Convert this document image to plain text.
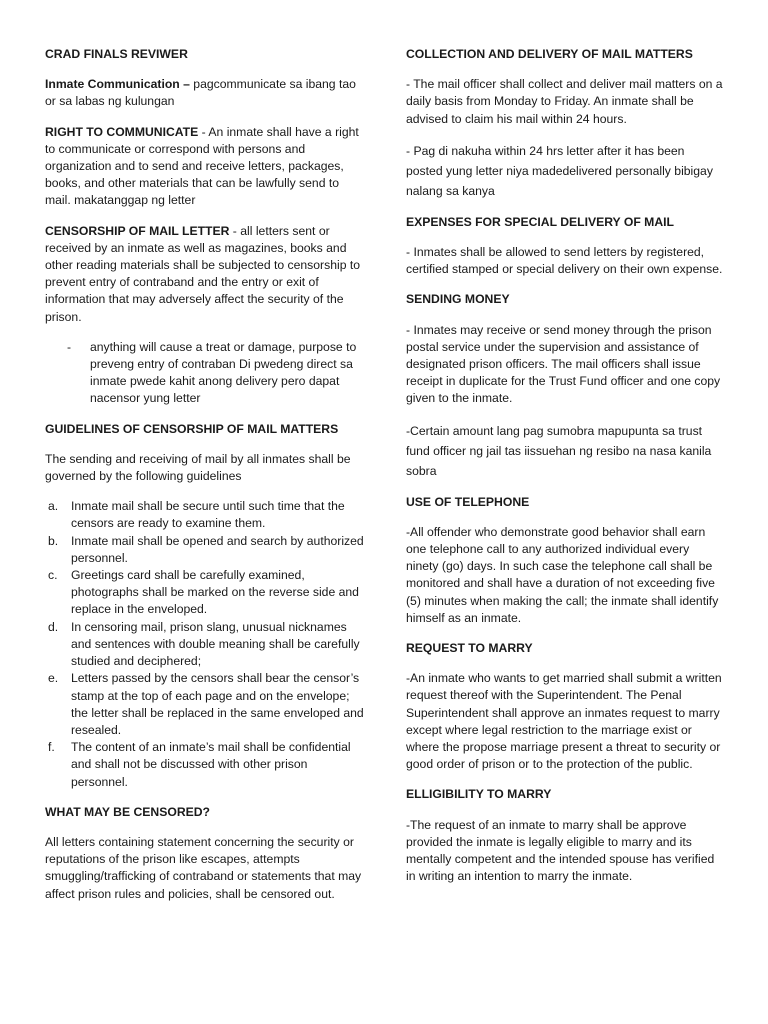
CRAD FINALS REVIWER

Inmate Communication – pagcommunicate sa ibang tao or sa labas ng kulungan

RIGHT TO COMMUNICATE - An inmate shall have a right to communicate or correspond with persons and organization and to send and receive letters, packages, books, and other materials that can be lawfully send to mail. makatanggap ng letter

CENSORSHIP OF MAIL LETTER - all letters sent or received by an inmate as well as magazines, books and other reading materials shall be subjected to censorship to prevent entry of contraband and the entry or exit of information that may adversely affect the security of the prison.

- anything will cause a treat or damage, purpose to preveng entry of contraban Di pwedeng direct sa inmate pwede kahit anong delivery pero dapat nacensor yung letter

GUIDELINES OF CENSORSHIP OF MAIL MATTERS

The sending and receiving of mail by all inmates shall be governed by the following guidelines

a. Inmate mail shall be secure until such time that the censors are ready to examine them.
b. Inmate mail shall be opened and search by authorized personnel.
c. Greetings card shall be carefully examined, photographs shall be marked on the reverse side and replace in the enveloped.
d. In censoring mail, prison slang, unusual nicknames and sentences with double meaning shall be carefully studied and deciphered;
e. Letters passed by the censors shall bear the censor’s stamp at the top of each page and on the envelope; the letter shall be replaced in the same enveloped and resealed.
f. The content of an inmate’s mail shall be confidential and shall not be discussed with other prison personnel.

WHAT MAY BE CENSORED?

All letters containing statement concerning the security or reputations of the prison like escapes, attempts smuggling/trafficking of contraband or statements that may affect prison rules and policies, shall be censored out.

COLLECTION AND DELIVERY OF MAIL MATTERS

- The mail officer shall collect and deliver mail matters on a daily basis from Monday to Friday. An inmate shall be advised to claim his mail within 24 hours.

- Pag di nakuha within 24 hrs letter after it has been posted yung letter niya madedelivered personally bibigay nalang sa kanya

EXPENSES FOR SPECIAL DELIVERY OF MAIL

- Inmates shall be allowed to send letters by registered, certified stamped or special delivery on their own expense.

SENDING MONEY

- Inmates may receive or send money through the prison postal service under the supervision and assistance of designated prison officers. The mail officers shall issue receipt in duplicate for the Trust Fund officer and one copy given to the inmate.

-Certain amount lang pag sumobra mapupunta sa trust fund officer ng jail tas iissuehan ng resibo na nasa kanila sobra

USE OF TELEPHONE

-All offender who demonstrate good behavior shall earn one telephone call to any authorized individual every ninety (go) days. In such case the telephone call shall be monitored and shall have a duration of not exceeding five (5) minutes when making the call; the inmate shall identify himself as an inmate.

REQUEST TO MARRY

-An inmate who wants to get married shall submit a written request thereof with the Superintendent. The Penal Superintendent shall approve an inmates request to marry except where legal restriction to the marriage exist or where the propose marriage present a threat to security or good order of prison or to the protection of the public.

ELLIGIBILITY TO MARRY

-The request of an inmate to marry shall be approve provided the inmate is legally eligible to marry and its mentally competent and the intended spouse has verified in writing an intention to marry the inmate.
